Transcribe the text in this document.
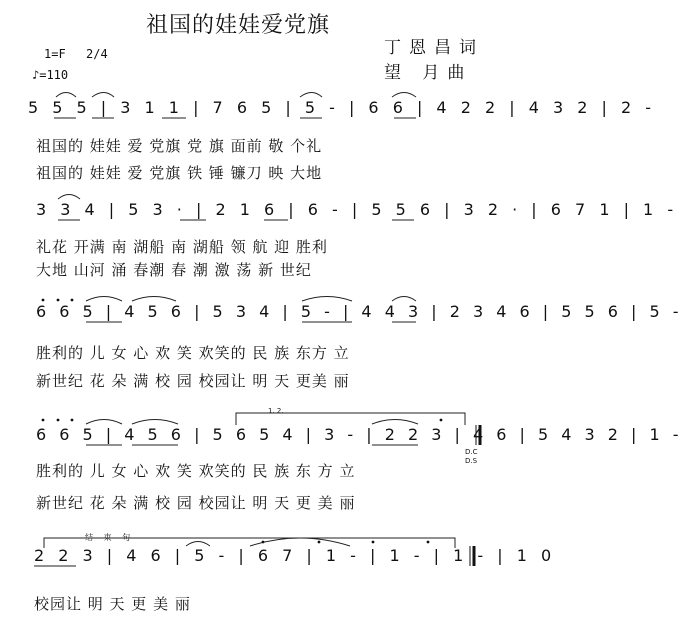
祖国的娃娃爱党旗
丁恩昌词
望 月曲
1=F 2/4
♪=110
5 5 5 | 3 1 1 | 7 6 5 | 5 - | 6 6 | 4 2 2 | 4 3 2 | 2 -
祖国的 娃娃 爱 党旗 党 旗 面前 敬 个礼
祖国的 娃娃 爱 党旗 铁 锤 镰刀 映 大地
3 3 4 | 5 3 · | 2 1 6 | 6 - | 5 5 6 | 3 2 · | 6 7 1 | 1 -
礼花 开满 南 湖船 南 湖船 领 航 迎 胜利
大地 山河 涌 春潮 春 潮 激 荡 新 世纪
6 6 5 | 4 5 6 | 5 3 4 | 5 - | 4 4 3 | 2 3 4 6 | 5 5 6 | 5 -
胜利的 儿 女 心 欢 笑 欢笑的 民 族 东方 立
新世纪 花 朵 满 校 园 校园让 明 天 更美 丽
1. 2.
6 6 5 | 4 5 6 | 5 6 5 4 | 3 - | 2 2 3 | 4 6 | 5 4 3 2 | 1 -
D.C
D.S
胜利的 儿 女 心 欢 笑 欢笑的 民 族 东 方 立
新世纪 花 朵 满 校 园 校园让 明 天 更 美 丽
结 束 句
2 2 3 | 4 6 | 5 - | 6 7 | 1 - | 1 - | 1 - | 1 0
校园让 明 天 更 美 丽
